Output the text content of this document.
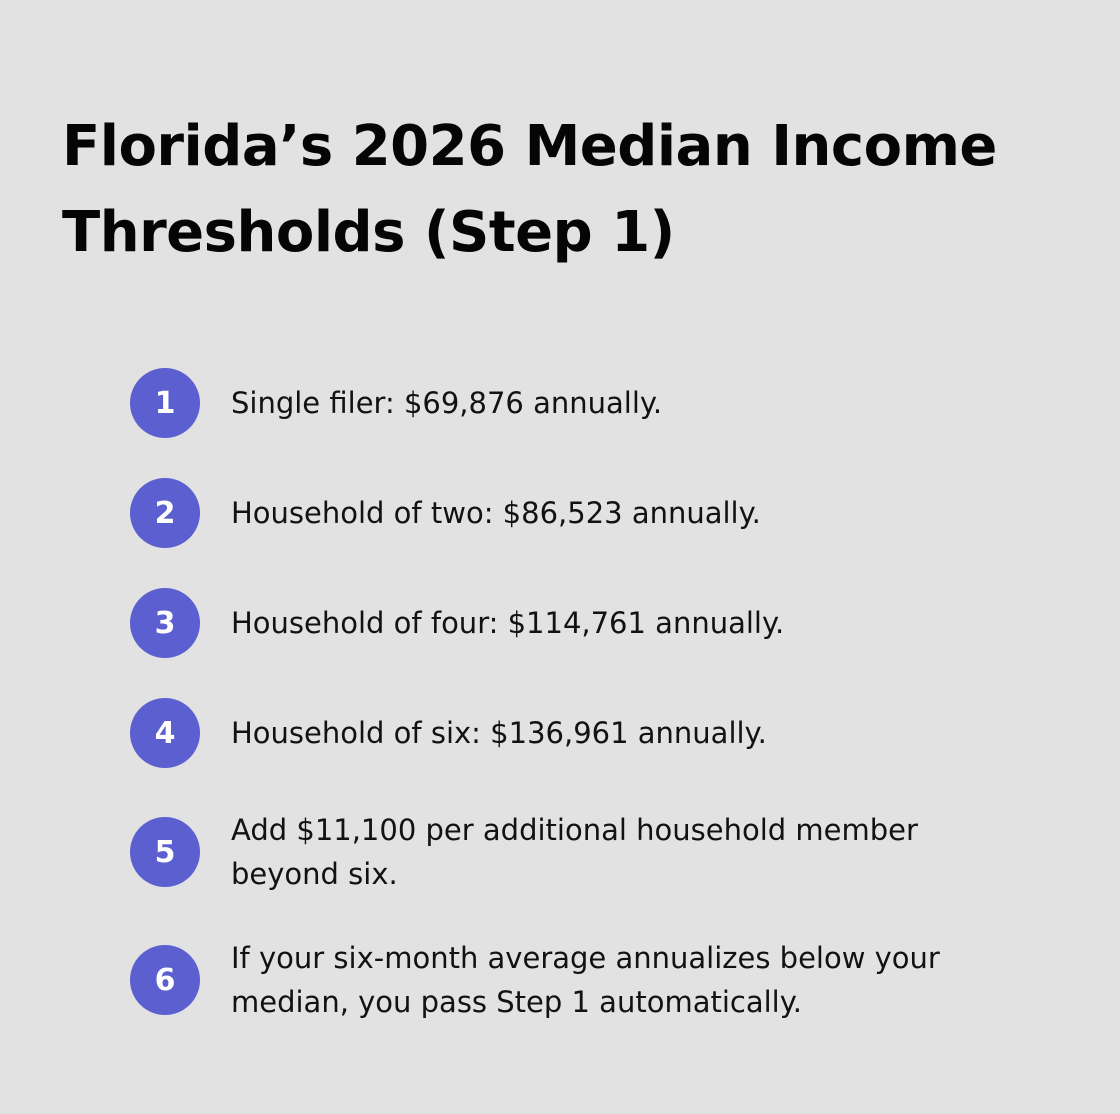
Florida’s 2026 Median Income Thresholds (Step 1)
1	Single filer: $69,876 annually.
2	Household of two: $86,523 annually.
3	Household of four: $114,761 annually.
4	Household of six: $136,961 annually.
5
Add $11,100 per additional household member beyond six.
6
If your six-month average annualizes below your median, you pass Step 1 automatically.
